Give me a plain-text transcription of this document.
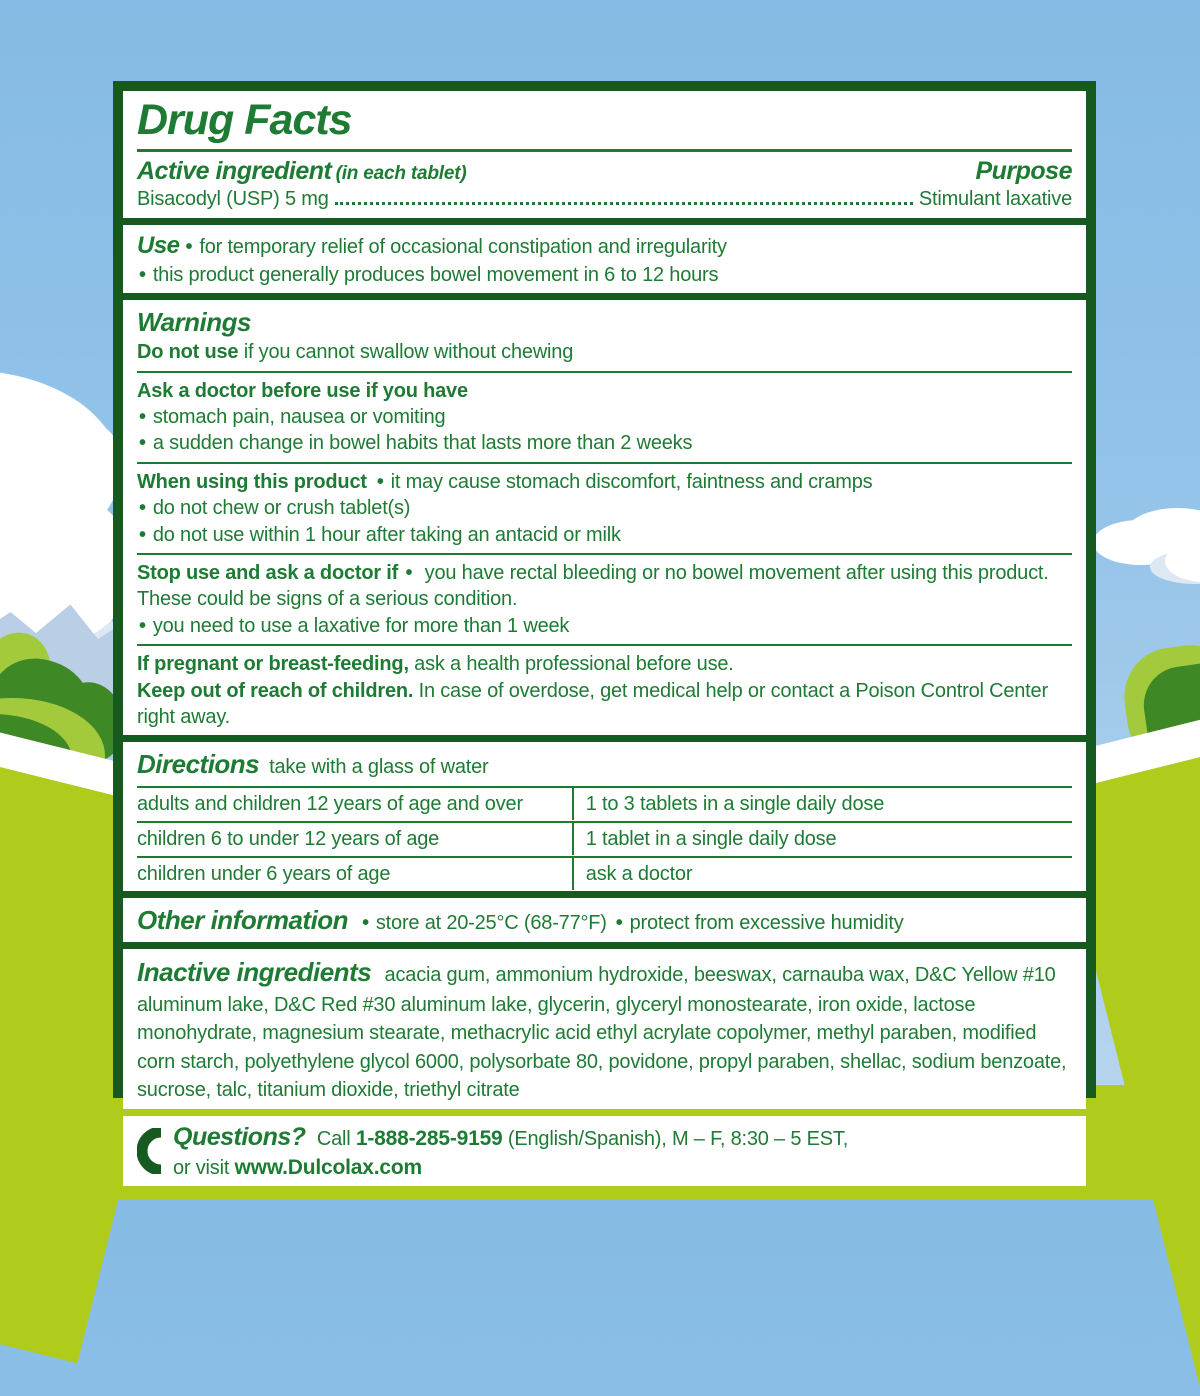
Drug Facts
Active ingredient (in each tablet)	Purpose
Bisacodyl (USP) 5 mg	Stimulant laxative
Use • for temporary relief of occasional constipation and irregularity
• this product generally produces bowel movement in 6 to 12 hours
Warnings
Do not use if you cannot swallow without chewing
Ask a doctor before use if you have
• stomach pain, nausea or vomiting
• a sudden change in bowel habits that lasts more than 2 weeks
When using this product • it may cause stomach discomfort, faintness and cramps
• do not chew or crush tablet(s)
• do not use within 1 hour after taking an antacid or milk
Stop use and ask a doctor if • you have rectal bleeding or no bowel movement after using this product. These could be signs of a serious condition.
• you need to use a laxative for more than 1 week
If pregnant or breast-feeding, ask a health professional before use.
Keep out of reach of children. In case of overdose, get medical help or contact a Poison Control Center right away.
Directions take with a glass of water
adults and children 12 years of age and over	1 to 3 tablets in a single daily dose
children 6 to under 12 years of age	1 tablet in a single daily dose
children under 6 years of age	ask a doctor
Other information • store at 20-25°C (68-77°F) • protect from excessive humidity

Inactive ingredients acacia gum, ammonium hydroxide, beeswax, carnauba wax, D&C Yellow #10 aluminum lake, D&C Red #30 aluminum lake, glycerin, glyceryl monostearate, iron oxide, lactose monohydrate, magnesium stearate, methacrylic acid ethyl acrylate copolymer, methyl paraben, modified corn starch, polyethylene glycol 6000, polysorbate 80, povidone, propyl paraben, shellac, sodium benzoate, sucrose, talc, titanium dioxide, triethyl citrate

Questions? Call 1-888-285-9159 (English/Spanish), M – F, 8:30 – 5 EST,
or visit www.Dulcolax.com
